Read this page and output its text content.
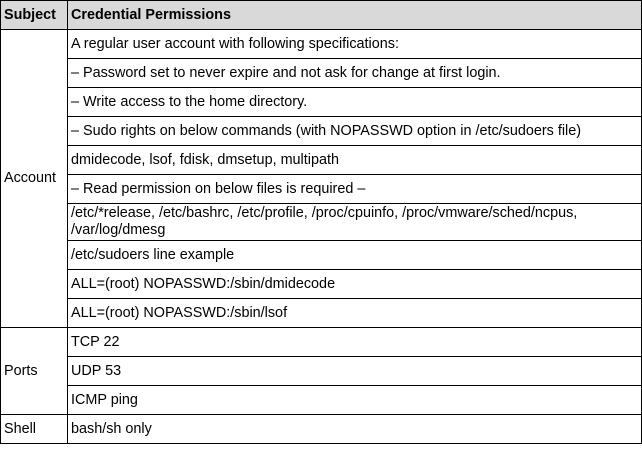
Subject	Credential Permissions
Account	A regular user account with following specifications:
	– Password set to never expire and not ask for change at first login.
	– Write access to the home directory.
	– Sudo rights on below commands (with NOPASSWD option in /etc/sudoers file)
	dmidecode, lsof, fdisk, dmsetup, multipath
	– Read permission on below files is required –
	/etc/*release, /etc/bashrc, /etc/profile, /proc/cpuinfo, /proc/vmware/sched/ncpus, /var/log/dmesg
	/etc/sudoers line example
	ALL=(root) NOPASSWD:/sbin/dmidecode
	ALL=(root) NOPASSWD:/sbin/lsof
Ports	TCP 22
	UDP 53
	ICMP ping
Shell	bash/sh only
